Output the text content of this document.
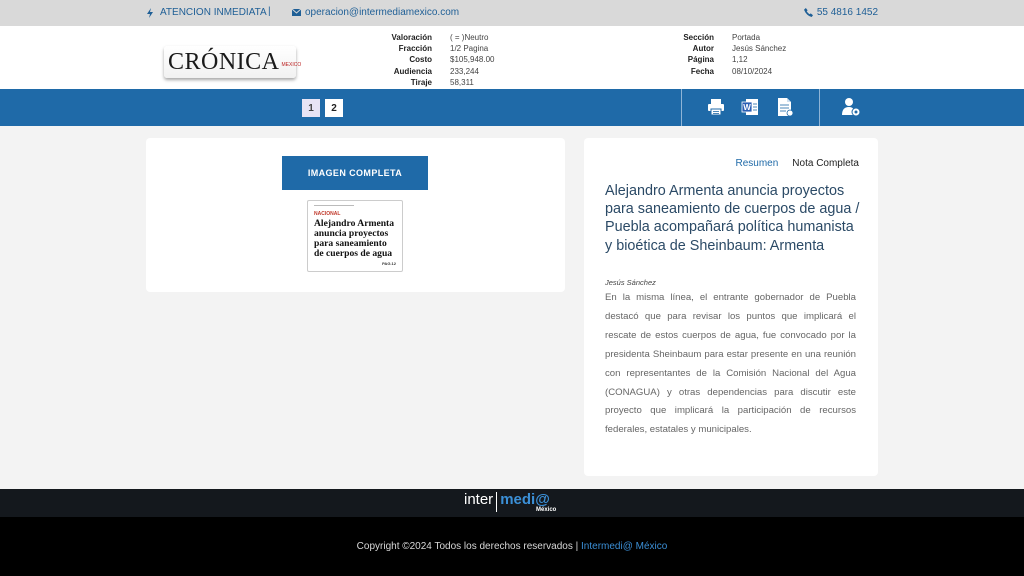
ATENCION INMEDIATA |	operacion@intermediamexico.com	55 4816 1452
CRÓNICA MEXICO
Valoración	( = )Neutro
Fracción	1/2 Pagina
Costo	$105,948.00
Audiencia	233,244
Tiraje	58,311
Sección	Portada
Autor	Jesús Sánchez
Página	1,12
Fecha	08/10/2024
1	2	W
IMAGEN COMPLETA
NACIONAL
Alejandro Armenta anuncia proyectos para saneamiento de cuerpos de agua
PAG.12
Resumen Nota Completa
Alejandro Armenta anuncia proyectos para saneamiento de cuerpos de agua / Puebla acompañará política humanista y bioética de Sheinbaum: Armenta
Jesús Sánchez
En la misma línea, el entrante gobernador de Puebla destacó que para revisar los puntos que implicará el rescate de estos cuerpos de agua, fue convocado por la presidenta Sheinbaum para estar presente en una reunión con representantes de la Comisión Nacional del Agua (CONAGUA) y otras dependencias para discutir este proyecto que implicará la participación de recursos federales, estatales y municipales.
inter medi@
México
Copyright ©2024 Todos los derechos reservados | Intermedi@ México
